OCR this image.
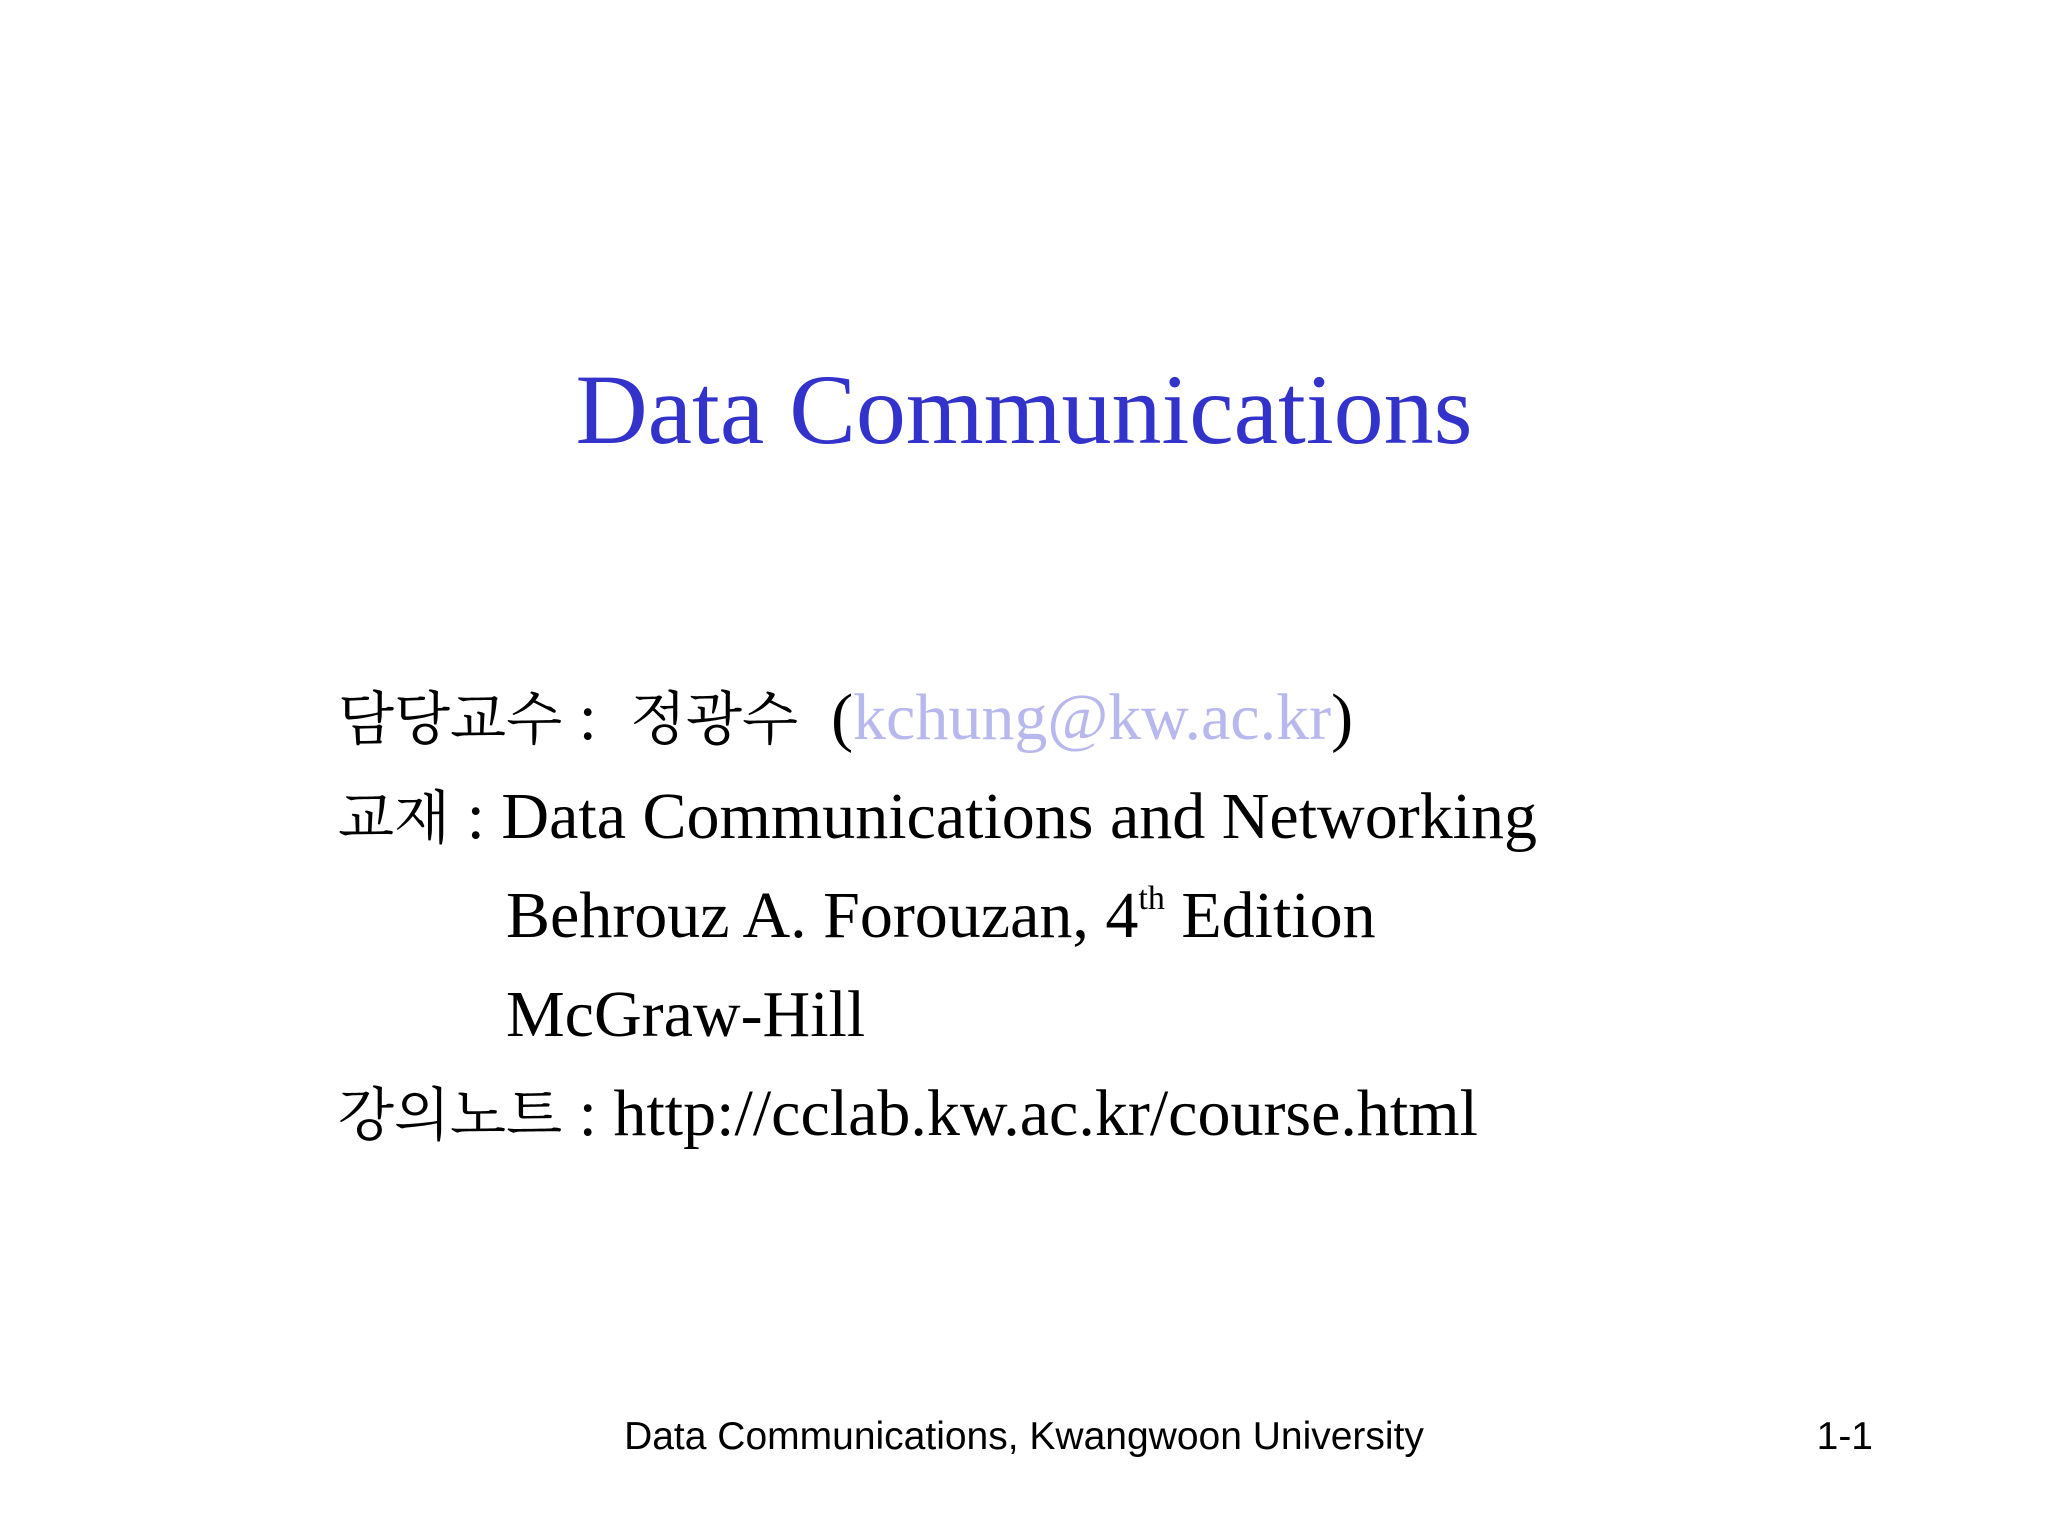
Data Communications
담당교수 :  정광수  (kchung@kw.ac.kr)
교재 : Data Communications and Networking
Behrouz A. Forouzan, 4th Edition
McGraw-Hill
강의노트 : http://cclab.kw.ac.kr/course.html
Data Communications, Kwangwoon University	1-1
